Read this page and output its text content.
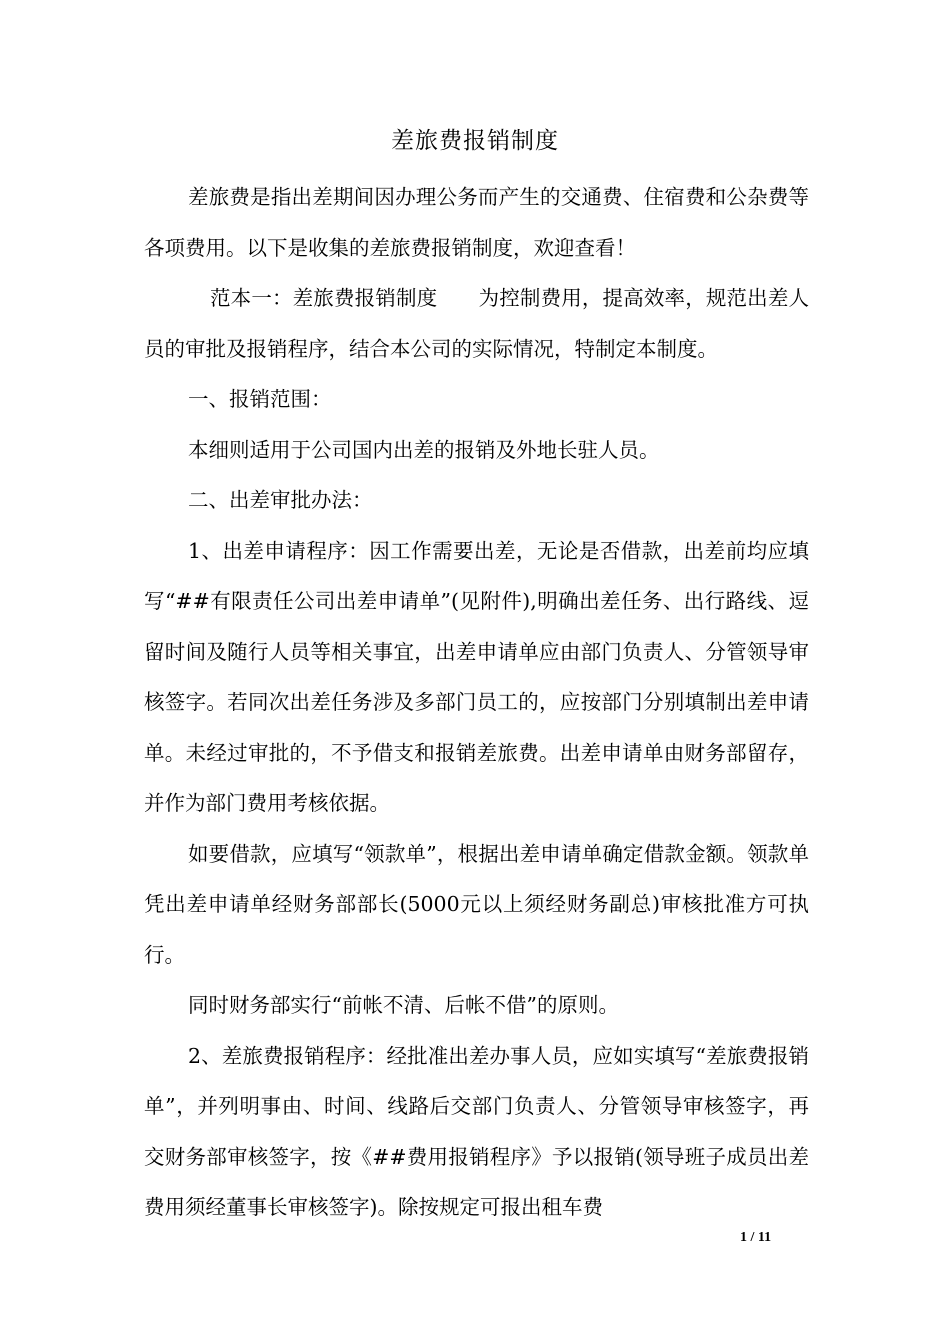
差旅费报销制度

差旅费是指出差期间因办理公务而产生的交通费、住宿费和公杂费等各项费用。以下是收集的差旅费报销制度，欢迎查看！

范本一：差旅费报销制度　　为控制费用，提高效率，规范出差人员的审批及报销程序，结合本公司的实际情况，特制定本制度。

一、报销范围：

本细则适用于公司国内出差的报销及外地长驻人员。

二、出差审批办法：

1、出差申请程序：因工作需要出差，无论是否借款，出差前均应填写“##有限责任公司出差申请单”(见附件),明确出差任务、出行路线、逗留时间及随行人员等相关事宜，出差申请单应由部门负责人、分管领导审核签字。若同次出差任务涉及多部门员工的，应按部门分别填制出差申请单。未经过审批的，不予借支和报销差旅费。出差申请单由财务部留存，并作为部门费用考核依据。

如要借款，应填写“领款单”，根据出差申请单确定借款金额。领款单凭出差申请单经财务部部长(5000元以上须经财务副总)审核批准方可执行。

同时财务部实行“前帐不清、后帐不借”的原则。

2、差旅费报销程序：经批准出差办事人员，应如实填写“差旅费报销单”，并列明事由、时间、线路后交部门负责人、分管领导审核签字，再交财务部审核签字，按《##费用报销程序》予以报销(领导班子成员出差费用须经董事长审核签字)。除按规定可报出租车费

1 / 11
